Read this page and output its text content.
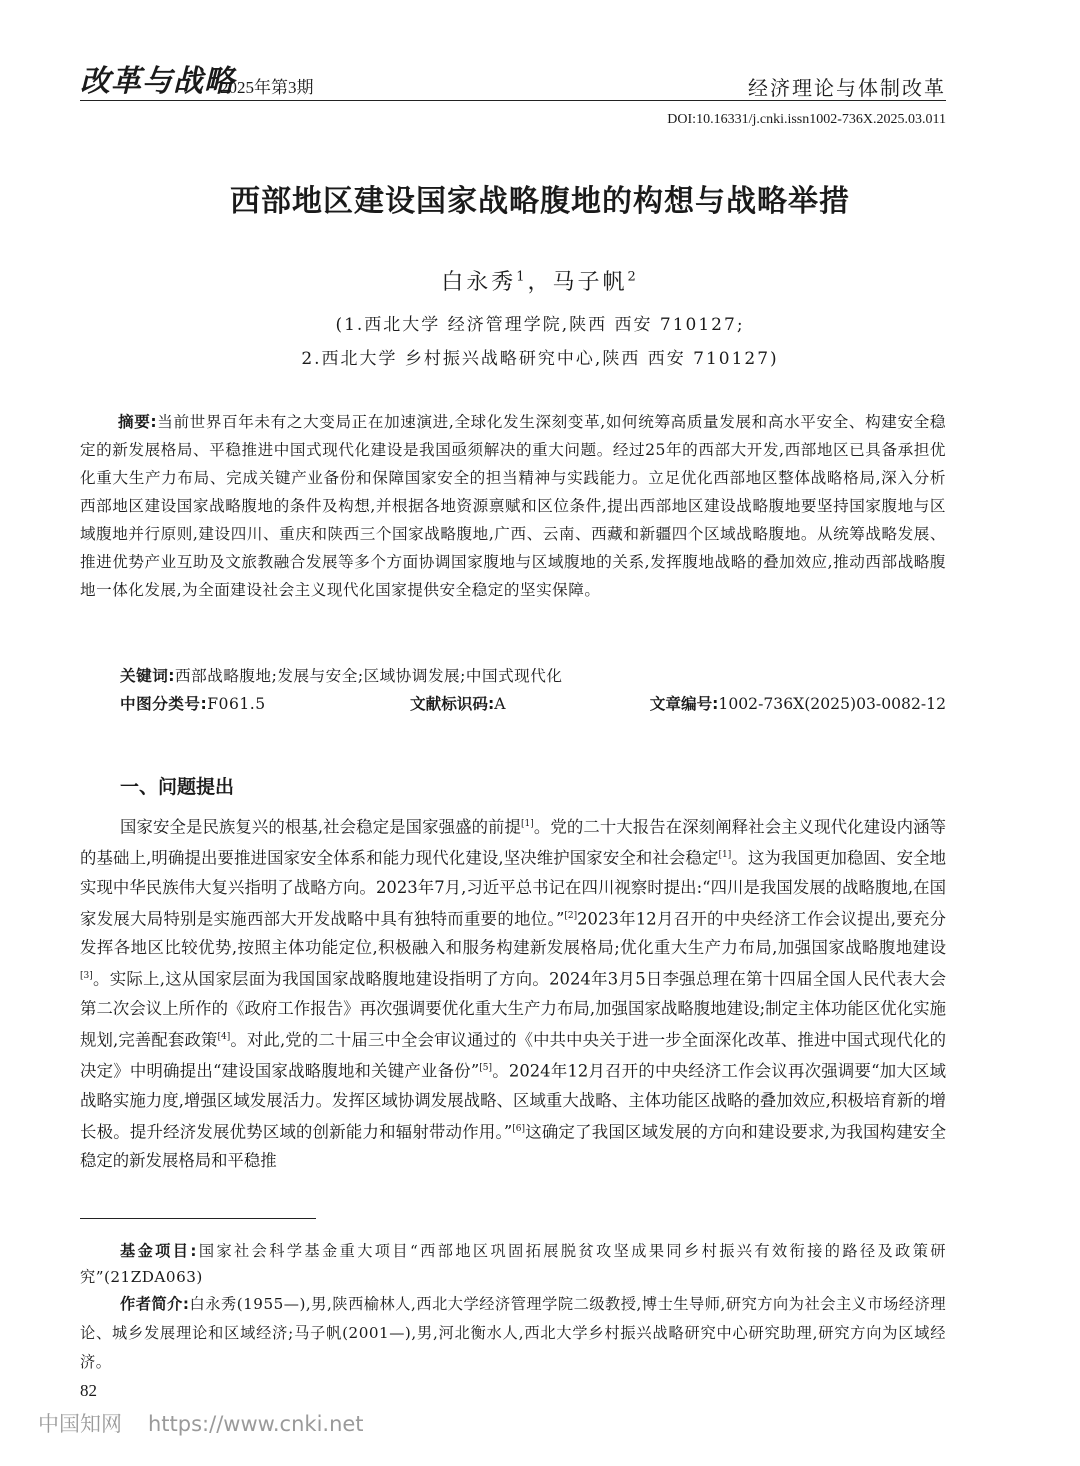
改革与战略
2025年第3期	经济理论与体制改革
DOI:10.16331/j.cnki.issn1002-736X.2025.03.011
西部地区建设国家战略腹地的构想与战略举措
白永秀$^1$，马子帆$^2$
(1.西北大学 经济管理学院,陕西 西安 710127;
2.西北大学 乡村振兴战略研究中心,陕西 西安 710127)
摘要:当前世界百年未有之大变局正在加速演进,全球化发生深刻变革,如何统筹高质量发展和高水平安全、构建安全稳定的新发展格局、平稳推进中国式现代化建设是我国亟须解决的重大问题。经过25年的西部大开发,西部地区已具备承担优化重大生产力布局、完成关键产业备份和保障国家安全的担当精神与实践能力。立足优化西部地区整体战略格局,深入分析西部地区建设国家战略腹地的条件及构想,并根据各地资源禀赋和区位条件,提出西部地区建设战略腹地要坚持国家腹地与区域腹地并行原则,建设四川、重庆和陕西三个国家战略腹地,广西、云南、西藏和新疆四个区域战略腹地。从统筹战略发展、推进优势产业互助及文旅教融合发展等多个方面协调国家腹地与区域腹地的关系,发挥腹地战略的叠加效应,推动西部战略腹地一体化发展,为全面建设社会主义现代化国家提供安全稳定的坚实保障。
关键词:西部战略腹地;发展与安全;区域协调发展;中国式现代化
中图分类号:F061.5	文献标识码:A	文章编号:1002-736X(2025)03-0082-12
一、问题提出
国家安全是民族复兴的根基,社会稳定是国家强盛的前提[1]。党的二十大报告在深刻阐释社会主义现代化建设内涵等的基础上,明确提出要推进国家安全体系和能力现代化建设,坚决维护国家安全和社会稳定[1]。这为我国更加稳固、安全地实现中华民族伟大复兴指明了战略方向。2023年7月,习近平总书记在四川视察时提出:“四川是我国发展的战略腹地,在国家发展大局特别是实施西部大开发战略中具有独特而重要的地位。”[2]2023年12月召开的中央经济工作会议提出,要充分发挥各地区比较优势,按照主体功能定位,积极融入和服务构建新发展格局;优化重大生产力布局,加强国家战略腹地建设[3]。实际上,这从国家层面为我国国家战略腹地建设指明了方向。2024年3月5日李强总理在第十四届全国人民代表大会第二次会议上所作的《政府工作报告》再次强调要优化重大生产力布局,加强国家战略腹地建设;制定主体功能区优化实施规划,完善配套政策[4]。对此,党的二十届三中全会审议通过的《中共中央关于进一步全面深化改革、推进中国式现代化的决定》中明确提出“建设国家战略腹地和关键产业备份”[5]。2024年12月召开的中央经济工作会议再次强调要“加大区域战略实施力度,增强区域发展活力。发挥区域协调发展战略、区域重大战略、主体功能区战略的叠加效应,积极培育新的增长极。提升经济发展优势区域的创新能力和辐射带动作用。”[6]这确定了我国区域发展的方向和建设要求,为我国构建安全稳定的新发展格局和平稳推
基金项目:国家社会科学基金重大项目“西部地区巩固拓展脱贫攻坚成果同乡村振兴有效衔接的路径及政策研究”(21ZDA063)
作者简介:白永秀(1955—),男,陕西榆林人,西北大学经济管理学院二级教授,博士生导师,研究方向为社会主义市场经济理论、城乡发展理论和区域经济;马子帆(2001—),男,河北衡水人,西北大学乡村振兴战略研究中心研究助理,研究方向为区域经济。
82
中国知网 https://www.cnki.net
